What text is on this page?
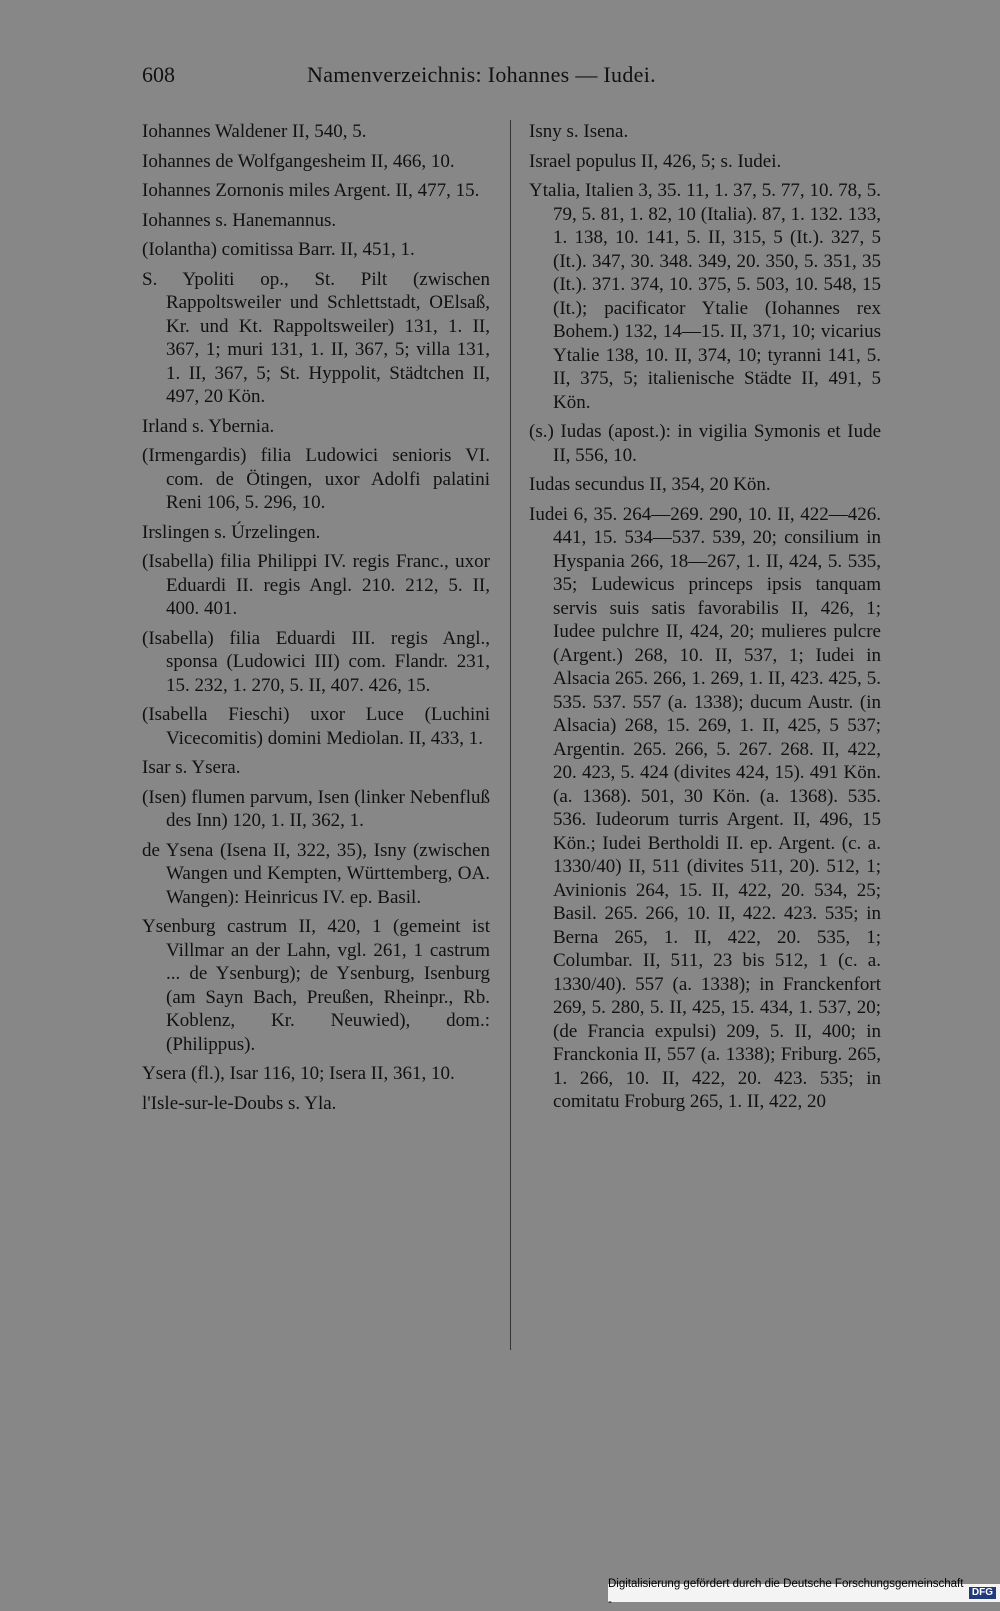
608	Namenverzeichnis: Iohannes — Iudei.

Iohannes Waldener II, 540, 5.

Iohannes de Wolfgangesheim II, 466, 10.

Iohannes Zornonis miles Argent. II, 477, 15.

Iohannes s. Hanemannus.

(Iolantha) comitissa Barr. II, 451, 1.

S. Ypoliti op., St. Pilt (zwischen Rappoltsweiler und Schlettstadt, OElsaß, Kr. und Kt. Rappoltsweiler) 131, 1. II, 367, 1; muri 131, 1. II, 367, 5; villa 131, 1. II, 367, 5; St. Hyppolit, Städtchen II, 497, 20 Kön.

Irland s. Ybernia.

(Irmengardis) filia Ludowici senioris VI. com. de Ötingen, uxor Adolfi palatini Reni 106, 5. 296, 10.

Irslingen s. Úrzelingen.

(Isabella) filia Philippi IV. regis Franc., uxor Eduardi II. regis Angl. 210. 212, 5. II, 400. 401.

(Isabella) filia Eduardi III. regis Angl., sponsa (Ludowici III) com. Flandr. 231, 15. 232, 1. 270, 5. II, 407. 426, 15.

(Isabella Fieschi) uxor Luce (Luchini Vicecomitis) domini Mediolan. II, 433, 1.

Isar s. Ysera.

(Isen) flumen parvum, Isen (linker Nebenfluß des Inn) 120, 1. II, 362, 1.

de Ysena (Isena II, 322, 35), Isny (zwischen Wangen und Kempten, Württemberg, OA. Wangen): Heinricus IV. ep. Basil.

Ysenburg castrum II, 420, 1 (gemeint ist Villmar an der Lahn, vgl. 261, 1 castrum ... de Ysenburg); de Ysenburg, Isenburg (am Sayn Bach, Preußen, Rheinpr., Rb. Koblenz, Kr. Neuwied), dom.: (Philippus).

Ysera (fl.), Isar 116, 10; Isera II, 361, 10.

l'Isle-sur-le-Doubs s. Yla.

Isny s. Isena.

Israel populus II, 426, 5; s. Iudei.

Ytalia, Italien 3, 35. 11, 1. 37, 5. 77, 10. 78, 5. 79, 5. 81, 1. 82, 10 (Italia). 87, 1. 132. 133, 1. 138, 10. 141, 5. II, 315, 5 (It.). 327, 5 (It.). 347, 30. 348. 349, 20. 350, 5. 351, 35 (It.). 371. 374, 10. 375, 5. 503, 10. 548, 15 (It.); pacificator Ytalie (Iohannes rex Bohem.) 132, 14—15. II, 371, 10; vicarius Ytalie 138, 10. II, 374, 10; tyranni 141, 5. II, 375, 5; italienische Städte II, 491, 5 Kön.

(s.) Iudas (apost.): in vigilia Symonis et Iude II, 556, 10.

Iudas secundus II, 354, 20 Kön.

Iudei 6, 35. 264—269. 290, 10. II, 422—426. 441, 15. 534—537. 539, 20; consilium in Hyspania 266, 18—267, 1. II, 424, 5. 535, 35; Ludewicus princeps ipsis tanquam servis suis satis favorabilis II, 426, 1; Iudee pulchre II, 424, 20; mulieres pulcre (Argent.) 268, 10. II, 537, 1; Iudei in Alsacia 265. 266, 1. 269, 1. II, 423. 425, 5. 535. 537. 557 (a. 1338); ducum Austr. (in Alsacia) 268, 15. 269, 1. II, 425, 5 537; Argentin. 265. 266, 5. 267. 268. II, 422, 20. 423, 5. 424 (divites 424, 15). 491 Kön. (a. 1368). 501, 30 Kön. (a. 1368). 535. 536. Iudeorum turris Argent. II, 496, 15 Kön.; Iudei Bertholdi II. ep. Argent. (c. a. 1330/40) II, 511 (divites 511, 20). 512, 1; Avinionis 264, 15. II, 422, 20. 534, 25; Basil. 265. 266, 10. II, 422. 423. 535; in Berna 265, 1. II, 422, 20. 535, 1; Columbar. II, 511, 23 bis 512, 1 (c. a. 1330/40). 557 (a. 1338); in Franckenfort 269, 5. 280, 5. II, 425, 15. 434, 1. 537, 20; (de Francia expulsi) 209, 5. II, 400; in Franckonia II, 557 (a. 1338); Friburg. 265, 1. 266, 10. II, 422, 20. 423. 535; in comitatu Froburg 265, 1. II, 422, 20

Digitalisierung gefördert durch die Deutsche Forschungsgemeinschaft -
DFG
